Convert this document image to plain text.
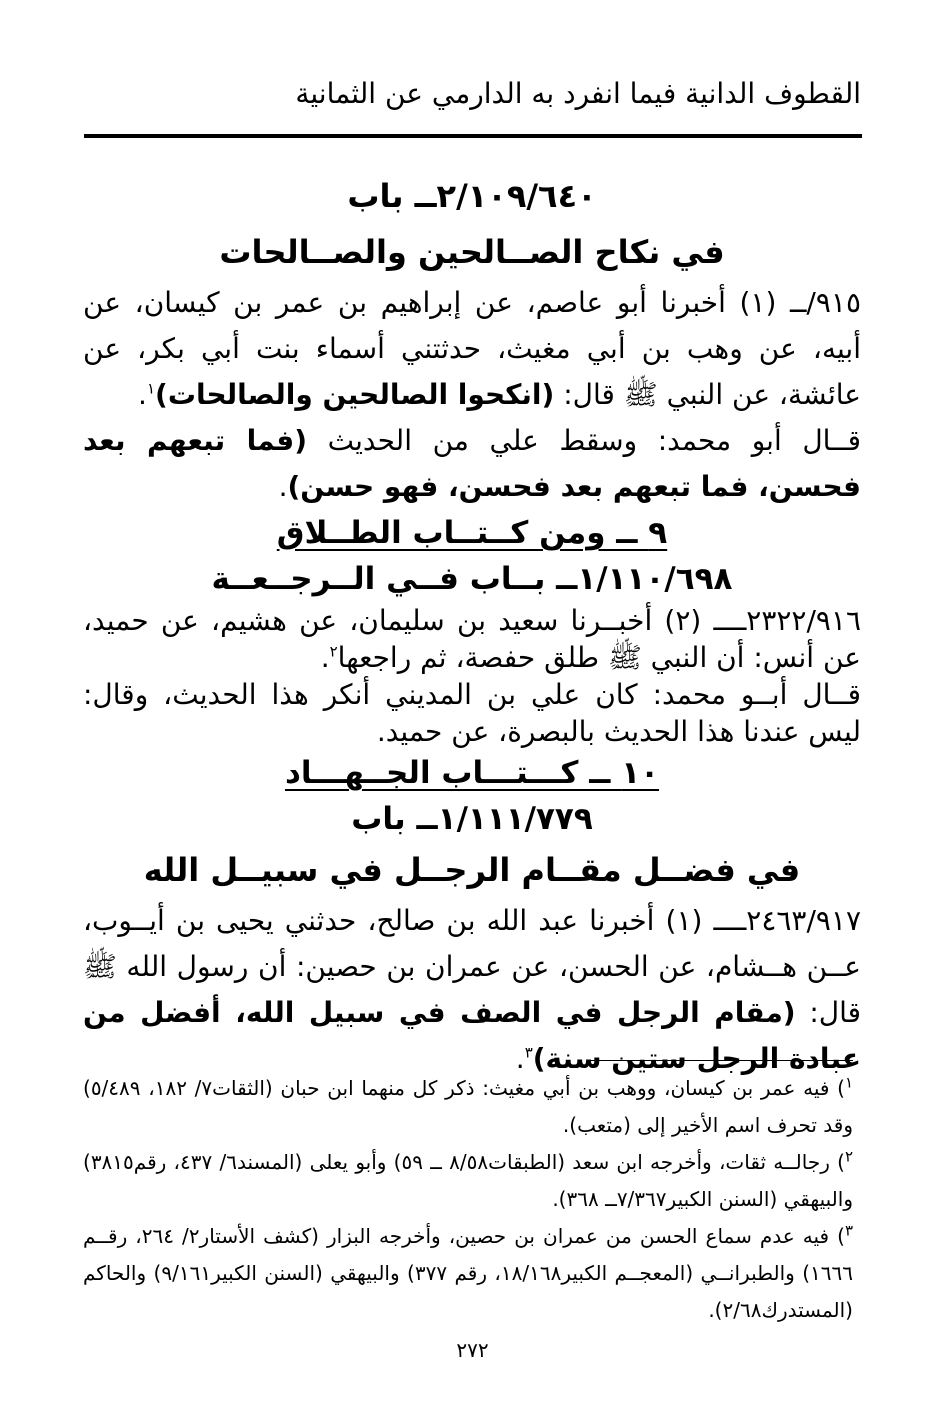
القطوف الدانية فيما انفرد به الدارمي عن الثمانية
٢/١٠٩/٦٤٠ــ باب
في نكاح الصــالحين والصــالحات
٩١٥/ــ (١) أخبرنا أبو عاصم، عن إبراهيم بن عمر بن كيسان، عن أبيه، عن وهب بن أبي مغيث، حدثتني أسماء بنت أبي بكر، عن عائشة، عن النبي ﷺ قال: (انكحوا الصالحين والصالحات)$^١$.
قــال أبو محمد: وسقط علي من الحديث (فما تبعهم بعد فحسن، فما تبعهم بعد فحسن، فهو حسن).
٩ ــ ومن كــتــاب الطــلاق
١/١١٠/٦٩٨ــ بــاب فــي الــرجــعــة
٢٣٢٢/٩١٦ــــ (٢) أخبــرنا سعيد بن سليمان، عن هشيم، عن حميد، عن أنس: أن النبي ﷺ طلق حفصة، ثم راجعها$^٢$.
قــال أبــو محمد: كان علي بن المديني أنكر هذا الحديث، وقال: ليس عندنا هذا الحديث بالبصرة، عن حميد.
١٠ ــ كـــتـــاب الجــهـــاد
١/١١١/٧٧٩ــ باب
في فضــل مقــام الرجــل في سبيــل الله
٢٤٦٣/٩١٧ــــ (١) أخبرنا عبد الله بن صالح، حدثني يحيى بن أيــوب، عــن هــشام، عن الحسن، عن عمران بن حصين: أن رسول الله ﷺ قال: (مقام الرجل في الصف في سبيل الله، أفضل من عبادة الرجل ستين سنة)$^٣$.

$^١$) فيه عمر بن كيسان، ووهب بن أبي مغيث: ذكر كل منهما ابن حبان (الثقات٧/ ١٨٢، ٥/٤٨٩) وقد تحرف اسم الأخير إلى (متعب).

$^٢$) رجالــه ثقات، وأخرجه ابن سعد (الطبقات٨/٥٨ ــ ٥٩) وأبو يعلى (المسند٦/ ٤٣٧، رقم٣٨١٥) والبيهقي (السنن الكبير٧/٣٦٧ــ ٣٦٨).

$^٣$) فيه عدم سماع الحسن من عمران بن حصين، وأخرجه البزار (كشف الأستار٢/ ٢٦٤، رقــم ١٦٦٦) والطبرانــي (المعجــم الكبير١٨/١٦٨، رقم ٣٧٧) والبيهقي (السنن الكبير٩/١٦١) والحاكم (المستدرك٢/٦٨).

٢٧٢
